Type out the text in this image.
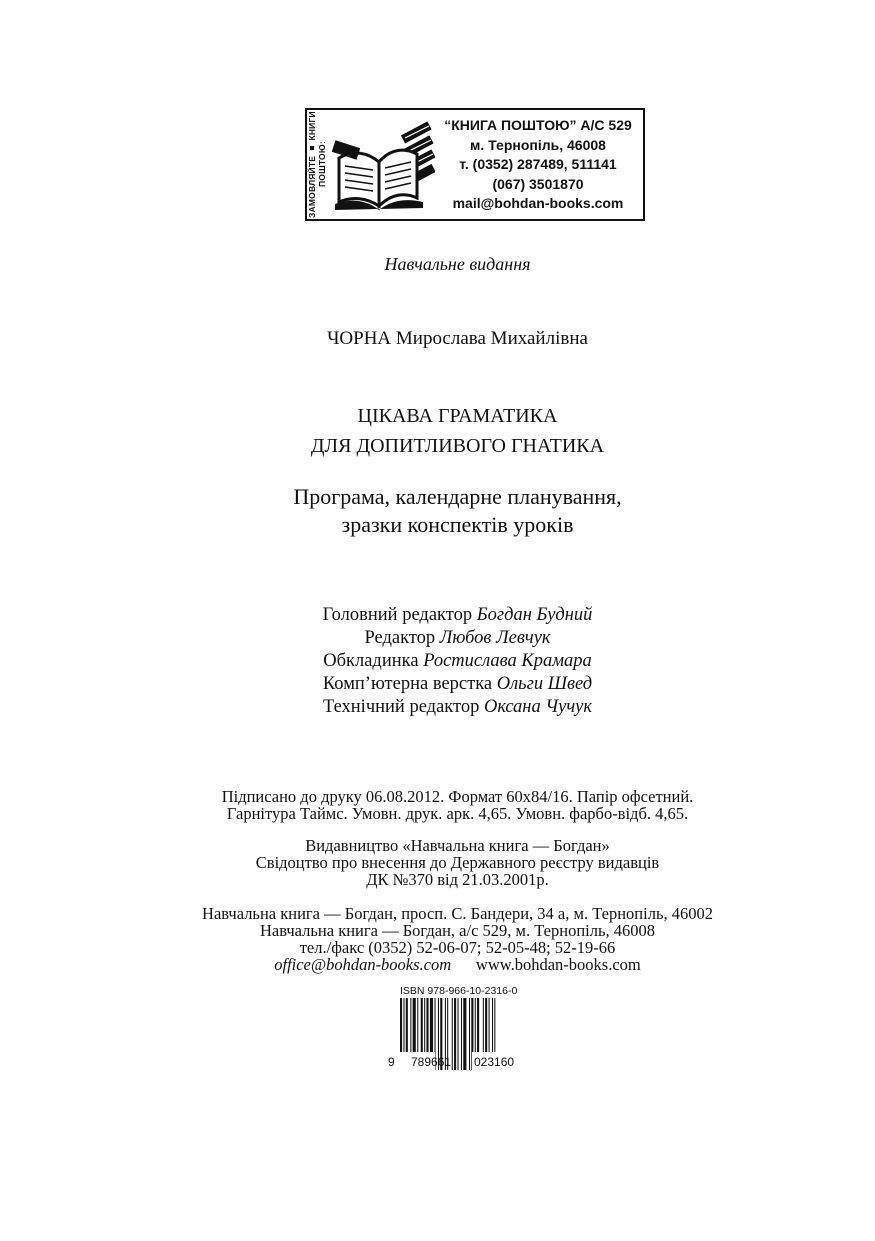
ЗАМОВЛЯЙТЕ ■ КНИГИ ПОШТОЮ:
“КНИГА ПОШТОЮ” А/С 529
м. Тернопіль, 46008
т. (0352) 287489, 511141
(067) 3501870
mail@bohdan-books.com
Навчальне видання
ЧОРНА Мирослава Михайлівна
ЦІКАВА ГРАМАТИКА
ДЛЯ ДОПИТЛИВОГО ГНАТИКА
Програма, календарне планування,
зразки конспектів уроків
Головний редактор Богдан Будний
Редактор Любов Левчук
Обкладинка Ростислава Крамара
Комп’ютерна верстка Ольги Швед
Технічний редактор Оксана Чучук
Підписано до друку 06.08.2012. Формат 60x84/16. Папір офсетний.
Гарнітура Таймс. Умовн. друк. арк. 4,65. Умовн. фарбо-відб. 4,65.
Видавництво «Навчальна книга — Богдан»
Свідоцтво про внесення до Державного реєстру видавців
ДК №370 від 21.03.2001р.
Навчальна книга — Богдан, просп. С. Бандери, 34 а, м. Тернопіль, 46002
Навчальна книга — Богдан, а/с 529, м. Тернопіль, 46008
тел./факс (0352) 52-06-07; 52-05-48; 52-19-66
office@bohdan-books.com www.bohdan-books.com
ISBN 978-966-10-2316-0
9 789661 023160
